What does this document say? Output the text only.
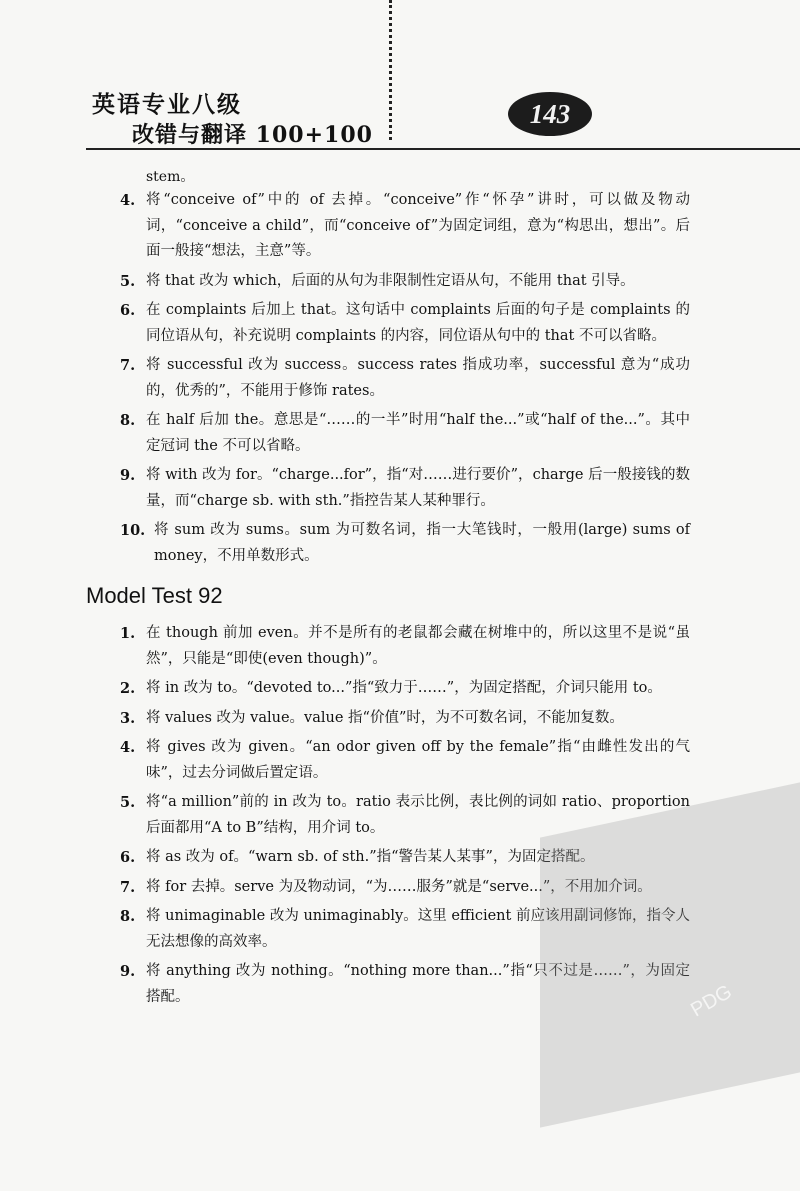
英语专业八级
改错与翻译 100+100
143
stem。
4. 将“conceive of”中的 of 去掉。“conceive”作“怀孕”讲时，可以做及物动词，“conceive a child”，而“conceive of”为固定词组，意为“构思出，想出”。后面一般接“想法，主意”等。
5. 将 that 改为 which，后面的从句为非限制性定语从句，不能用 that 引导。
6. 在 complaints 后加上 that。这句话中 complaints 后面的句子是 complaints 的同位语从句，补充说明 complaints 的内容，同位语从句中的 that 不可以省略。
7. 将 successful 改为 success。success rates 指成功率，successful 意为“成功的，优秀的”，不能用于修饰 rates。
8. 在 half 后加 the。意思是“……的一半”时用“half the...”或“half of the...”。其中定冠词 the 不可以省略。
9. 将 with 改为 for。“charge...for”，指“对……进行要价”，charge 后一般接钱的数量，而“charge sb. with sth.”指控告某人某种罪行。
10. 将 sum 改为 sums。sum 为可数名词，指一大笔钱时，一般用(large) sums of money，不用单数形式。
Model Test 92
1. 在 though 前加 even。并不是所有的老鼠都会藏在树堆中的，所以这里不是说“虽然”，只能是“即使(even though)”。
2. 将 in 改为 to。“devoted to...”指“致力于……”，为固定搭配，介词只能用 to。
3. 将 values 改为 value。value 指“价值”时，为不可数名词，不能加复数。
4. 将 gives 改为 given。“an odor given off by the female”指“由雌性发出的气味”，过去分词做后置定语。
5. 将“a million”前的 in 改为 to。ratio 表示比例，表比例的词如 ratio、proportion 后面都用“A to B”结构，用介词 to。
6. 将 as 改为 of。“warn sb. of sth.”指“警告某人某事”，为固定搭配。
7. 将 for 去掉。serve 为及物动词，“为……服务”就是“serve...”，不用加介词。
8. 将 unimaginable 改为 unimaginably。这里 efficient 前应该用副词修饰，指令人无法想像的高效率。
9. 将 anything 改为 nothing。“nothing more than...”指“只不过是……”，为固定搭配。	PDG
